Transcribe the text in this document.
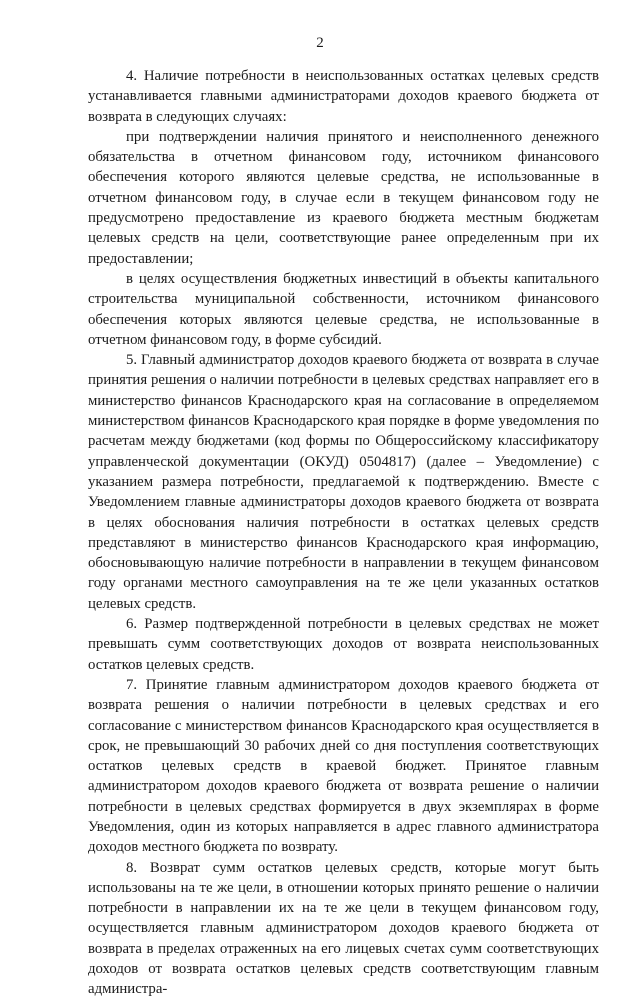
2

4. Наличие потребности в неиспользованных остатках целевых средств устанавливается главными администраторами доходов краевого бюджета от возврата в следующих случаях:

при подтверждении наличия принятого и неисполненного денежного обязательства в отчетном финансовом году, источником финансового обеспечения которого являются целевые средства, не использованные в отчетном финансовом году, в случае если в текущем финансовом году не предусмотрено предоставление из краевого бюджета местным бюджетам целевых средств на цели, соответствующие ранее определенным при их предоставлении;

в целях осуществления бюджетных инвестиций в объекты капитального строительства муниципальной собственности, источником финансового обеспечения которых являются целевые средства, не использованные в отчетном финансовом году, в форме субсидий.

5. Главный администратор доходов краевого бюджета от возврата в случае принятия решения о наличии потребности в целевых средствах направляет его в министерство финансов Краснодарского края на согласование в определяемом министерством финансов Краснодарского края порядке в форме уведомления по расчетам между бюджетами (код формы по Общероссийскому классификатору управленческой документации (ОКУД) 0504817) (далее – Уведомление) с указанием размера потребности, предлагаемой к подтверждению. Вместе с Уведомлением главные администраторы доходов краевого бюджета от возврата в целях обоснования наличия потребности в остатках целевых средств представляют в министерство финансов Краснодарского края информацию, обосновывающую наличие потребности в направлении в текущем финансовом году органами местного самоуправления на те же цели указанных остатков целевых средств.

6. Размер подтвержденной потребности в целевых средствах не может превышать сумм соответствующих доходов от возврата неиспользованных остатков целевых средств.

7. Принятие главным администратором доходов краевого бюджета от возврата решения о наличии потребности в целевых средствах и его согласование с министерством финансов Краснодарского края осуществляется в срок, не превышающий 30 рабочих дней со дня поступления соответствующих остатков целевых средств в краевой бюджет. Принятое главным администратором доходов краевого бюджета от возврата решение о наличии потребности в целевых средствах формируется в двух экземплярах в форме Уведомления, один из которых направляется в адрес главного администратора доходов местного бюджета по возврату.

8. Возврат сумм остатков целевых средств, которые могут быть использованы на те же цели, в отношении которых принято решение о наличии потребности в направлении их на те же цели в текущем финансовом году, осуществляется главным администратором доходов краевого бюджета от возврата в пределах отраженных на его лицевых счетах сумм соответствующих доходов от возврата остатков целевых средств соответствующим главным администра-
